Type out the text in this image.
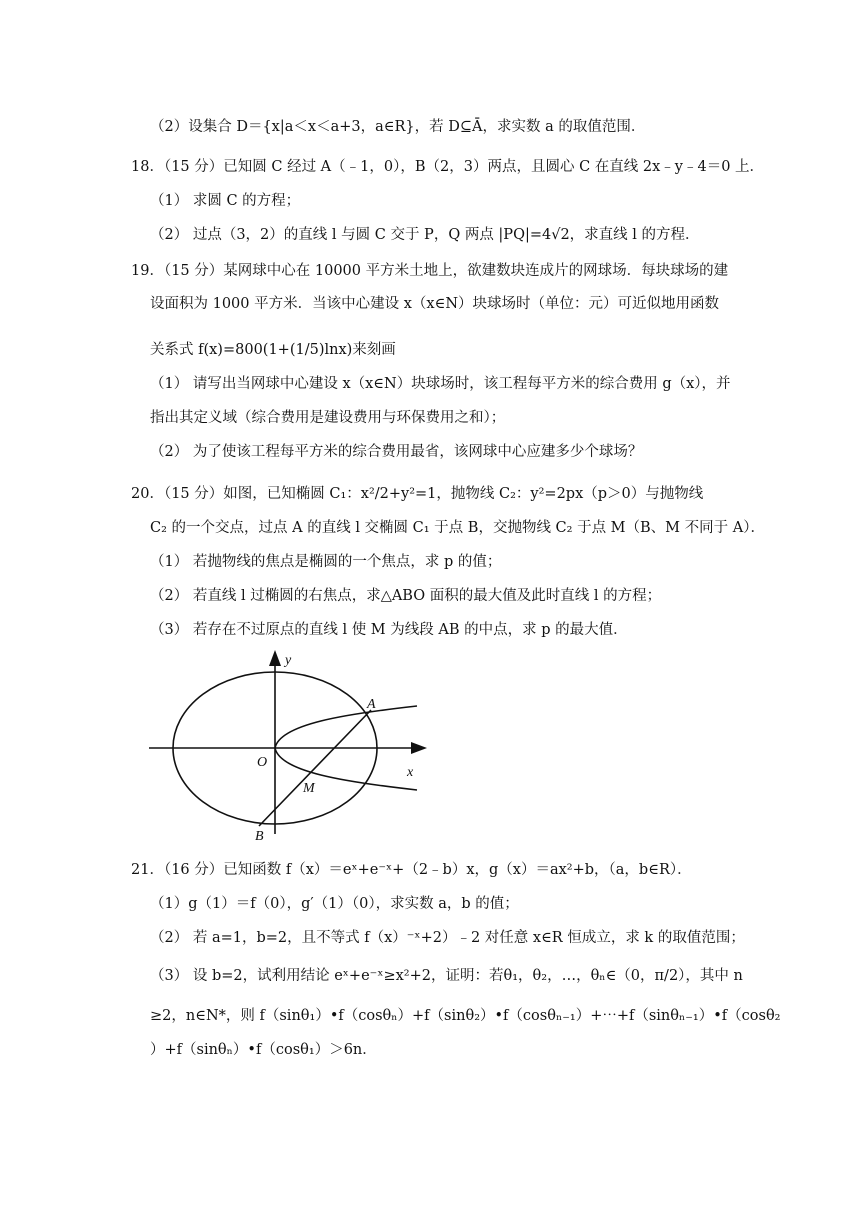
（2）设集合 D＝{x|a＜x＜a+3，a∈R}，若 D⊆Ā，求实数 a 的取值范围．
18．（15 分）已知圆 C 经过 A（﹣1，0），B（2，3）两点，且圆心 C 在直线 2x﹣y﹣4＝0 上．
（1） 求圆 C 的方程；
（2） 过点（3，2）的直线 l 与圆 C 交于 P，Q 两点 |PQ|=4√2，求直线 l 的方程．
19．（15 分）某网球中心在 10000 平方米土地上，欲建数块连成片的网球场．每块球场的建
设面积为 1000 平方米．当该中心建设 x（x∈N）块球场时（单位：元）可近似地用函数
关系式 f(x)=800(1+(1/5)lnx)来刻画
（1） 请写出当网球中心建设 x（x∈N）块球场时，该工程每平方米的综合费用 g（x），并
指出其定义域（综合费用是建设费用与环保费用之和）；
（2） 为了使该工程每平方米的综合费用最省，该网球中心应建多少个球场？
20．（15 分）如图，已知椭圆 C₁：x²/2+y²=1，抛物线 C₂：y²=2px（p＞0）与抛物线
C₂ 的一个交点，过点 A 的直线 l 交椭圆 C₁ 于点 B，交抛物线 C₂ 于点 M（B、M 不同于 A）．
（1） 若抛物线的焦点是椭圆的一个焦点，求 p 的值；
（2） 若直线 l 过椭圆的右焦点，求△ABO 面积的最大值及此时直线 l 的方程；
（3） 若存在不过原点的直线 l 使 M 为线段 AB 的中点，求 p 的最大值．
y
x
O
A
M
B
21．（16 分）已知函数 f（x）＝eˣ+e⁻ˣ+（2﹣b）x，g（x）＝ax²+b，（a，b∈R）．
（1）g（1）＝f（0），g′（1）（0），求实数 a，b 的值；
（2） 若 a=1，b=2，且不等式 f（x）⁻ˣ+2）﹣2 对任意 x∈R 恒成立，求 k 的取值范围；
（3） 设 b=2，试利用结论 eˣ+e⁻ˣ≥x²+2，证明：若θ₁，θ₂，…，θₙ∈（0，π/2），其中 n
≥2，n∈N*，则 f（sinθ₁）•f（cosθₙ）+f（sinθ₂）•f（cosθₙ₋₁）+⋯+f（sinθₙ₋₁）•f（cosθ₂
）+f（sinθₙ）•f（cosθ₁）＞6n．
